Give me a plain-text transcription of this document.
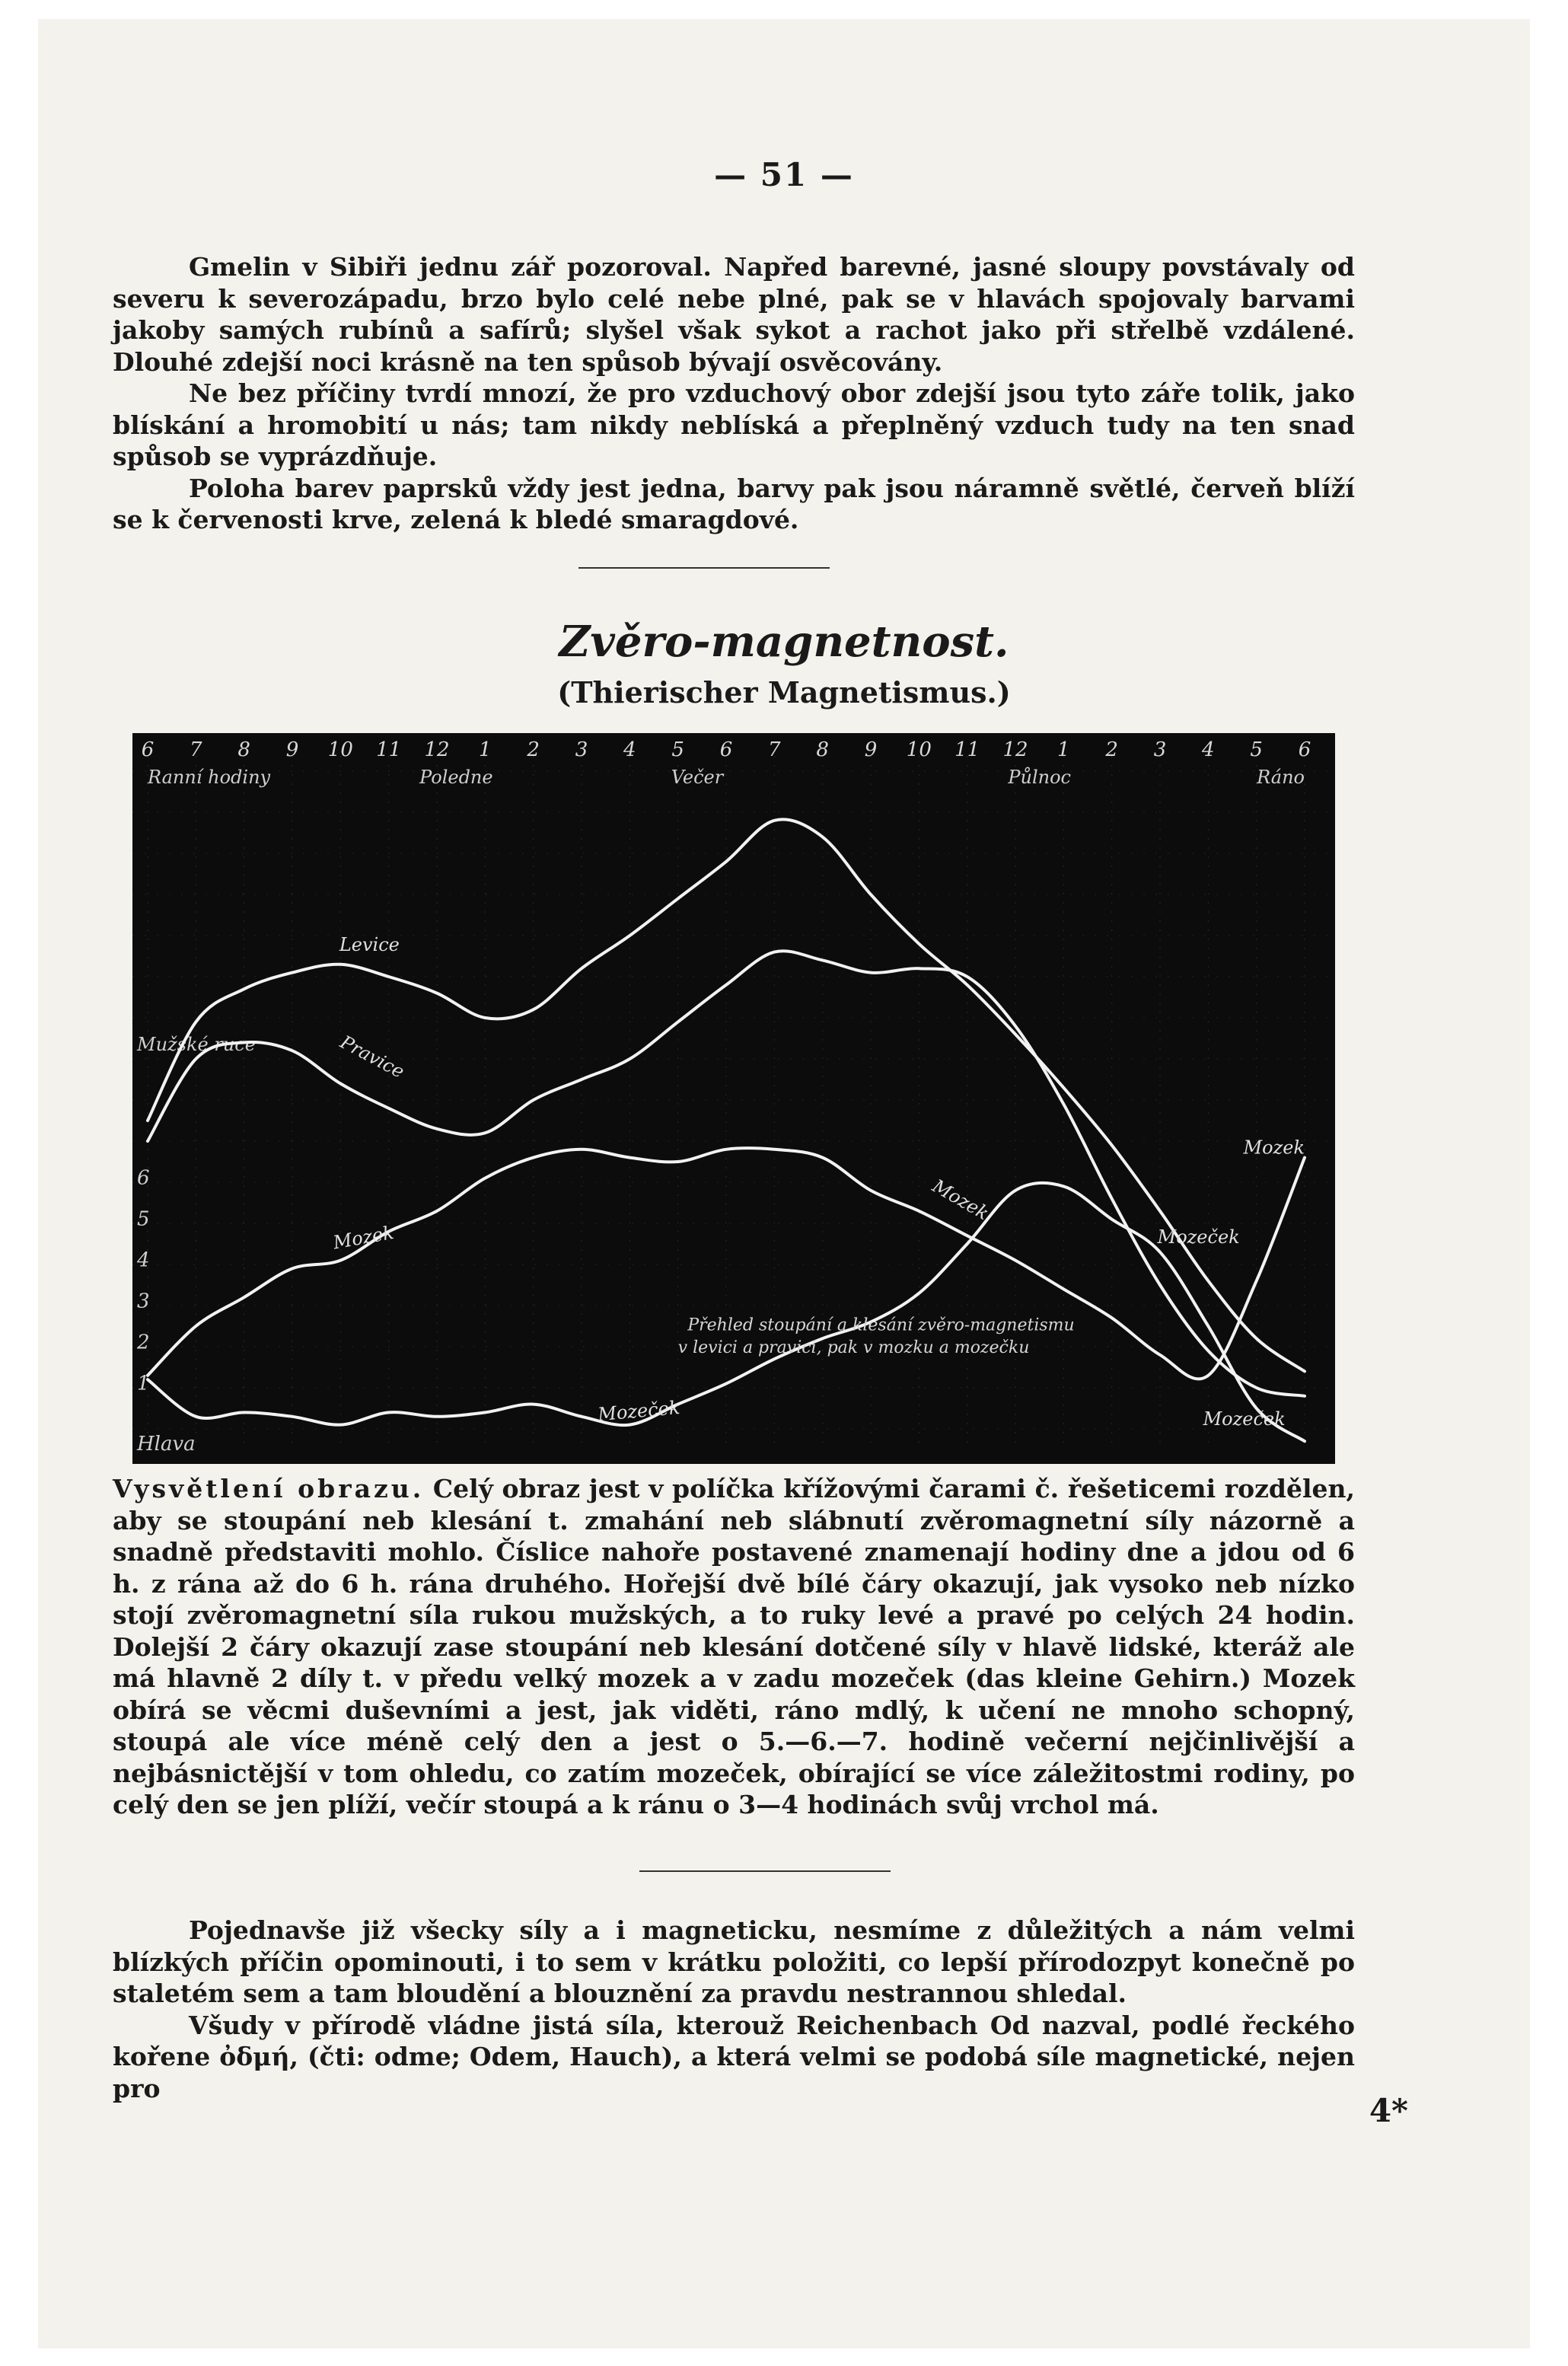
— 51 —

Gmelin v Sibiři jednu zář pozoroval. Napřed barevné, jasné sloupy povstávaly od severu k severozápadu, brzo bylo celé nebe plné, pak se v hlavách spojovaly barvami jakoby samých rubínů a safírů; slyšel však sykot a rachot jako při střelbě vzdálené. Dlouhé zdejší noci krásně na ten spůsob bývají osvěcovány.

Ne bez příčiny tvrdí mnozí, že pro vzduchový obor zdejší jsou tyto záře tolik, jako blískání a hromobití u nás; tam nikdy neblíská a přeplněný vzduch tudy na ten snad spůsob se vyprázdňuje.

Poloha barev paprsků vždy jest jedna, barvy pak jsou náramně světlé, červeň blíží se k červenosti krve, zelená k bledé smaragdové.

Zvěro-magnetnost.
(Thierischer Magnetismus.)
6 7 8 9 10 11 12 1 2 3 4 5 6 7 8 9 10 11 12 1 2 3 4 5 6
Ranní hodiny	Poledne	Večer	Půlnoc	Ráno
1
2
3
4
5
6
Hlava
Mužské ruce
Levice
Pravice
Mozek
Mozek
Mozek
Mozeček
Mozeček
Mozeček
Přehled stoupání a klesání zvěro-magnetismu
v levici a pravici, pak v mozku a mozečku

Vysvětlení obrazu. Celý obraz jest v políčka křížovými čarami č. řešeticemi rozdělen, aby se stoupání neb klesání t. zmahání neb slábnutí zvěromagnetní síly názorně a snadně představiti mohlo. Číslice nahoře postavené znamenají hodiny dne a jdou od 6 h. z rána až do 6 h. rána druhého. Hořejší dvě bílé čáry okazují, jak vysoko neb nízko stojí zvěromagnetní síla rukou mužských, a to ruky levé a pravé po celých 24 hodin. Dolejší 2 čáry okazují zase stoupání neb klesání dotčené síly v hlavě lidské, kteráž ale má hlavně 2 díly t. v předu velký mozek a v zadu mozeček (das kleine Gehirn.) Mozek obírá se věcmi duševními a jest, jak viděti, ráno mdlý, k učení ne mnoho schopný, stoupá ale více méně celý den a jest o 5.—6.—7. hodině večerní nejčinlivější a nejbásnictější v tom ohledu, co zatím mozeček, obírající se více záležitostmi rodiny, po celý den se jen plíží, večír stoupá a k ránu o 3—4 hodinách svůj vrchol má.

Pojednavše již všecky síly a i magneticku, nesmíme z důležitých a nám velmi blízkých příčin opominouti, i to sem v krátku položiti, co lepší přírodozpyt konečně po staletém sem a tam bloudění a blouznění za pravdu nestrannou shledal.

Všudy v přírodě vládne jistá síla, kterouž Reichenbach Od nazval, podlé řeckého kořene ὀδμή, (čti: odme; Odem, Hauch), a která velmi se podobá síle magnetické, nejen pro

4*
